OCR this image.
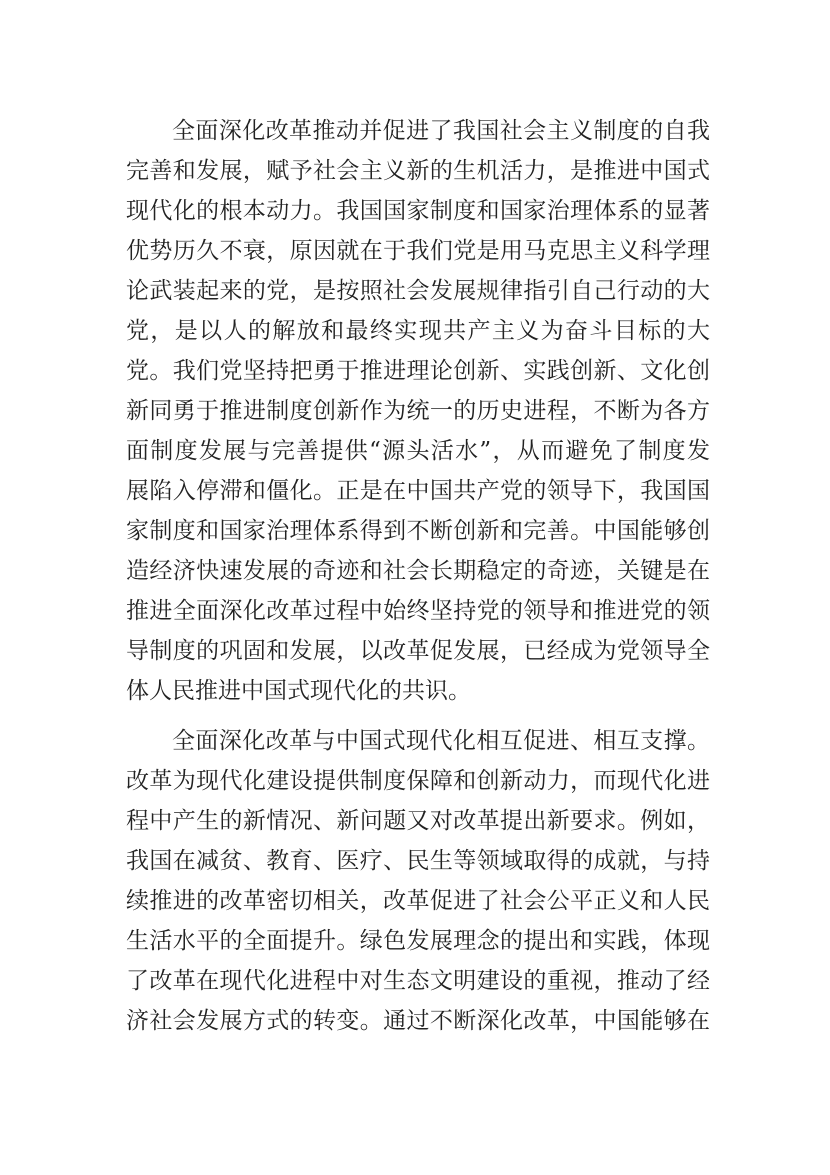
全面深化改革推动并促进了我国社会主义制度的自我
完善和发展，赋予社会主义新的生机活力，是推进中国式
现代化的根本动力。我国国家制度和国家治理体系的显著
优势历久不衰，原因就在于我们党是用马克思主义科学理
论武装起来的党，是按照社会发展规律指引自己行动的大
党，是以人的解放和最终实现共产主义为奋斗目标的大
党。我们党坚持把勇于推进理论创新、实践创新、文化创
新同勇于推进制度创新作为统一的历史进程，不断为各方
面制度发展与完善提供“源头活水”，从而避免了制度发
展陷入停滞和僵化。正是在中国共产党的领导下，我国国
家制度和国家治理体系得到不断创新和完善。中国能够创
造经济快速发展的奇迹和社会长期稳定的奇迹，关键是在
推进全面深化改革过程中始终坚持党的领导和推进党的领
导制度的巩固和发展，以改革促发展，已经成为党领导全
体人民推进中国式现代化的共识。
全面深化改革与中国式现代化相互促进、相互支撑。
改革为现代化建设提供制度保障和创新动力，而现代化进
程中产生的新情况、新问题又对改革提出新要求。例如，
我国在减贫、教育、医疗、民生等领域取得的成就，与持
续推进的改革密切相关，改革促进了社会公平正义和人民
生活水平的全面提升。绿色发展理念的提出和实践，体现
了改革在现代化进程中对生态文明建设的重视，推动了经
济社会发展方式的转变。通过不断深化改革，中国能够在
